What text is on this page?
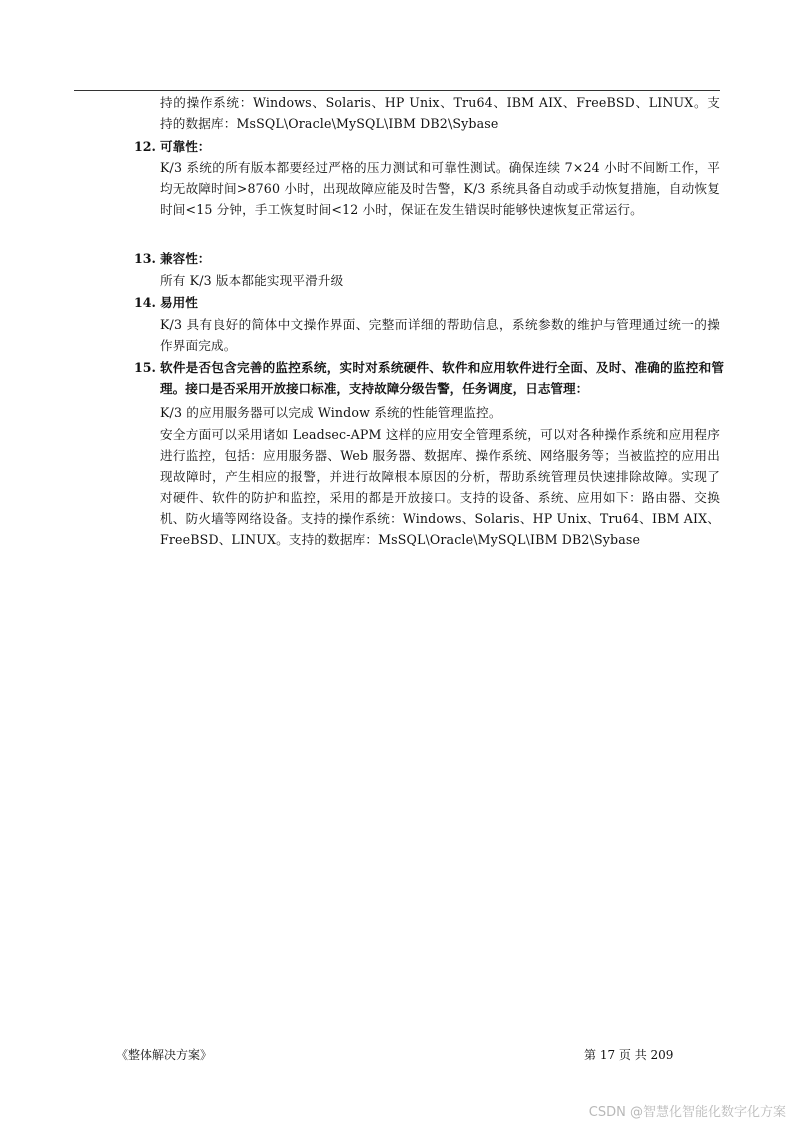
持的操作系统：Windows、Solaris、HP Unix、Tru64、IBM AIX、FreeBSD、LINUX。支持的数据库：MsSQL\Oracle\MySQL\IBM DB2\Sybase
12. 可靠性：
K/3 系统的所有版本都要经过严格的压力测试和可靠性测试。确保连续 7×24 小时不间断工作，平均无故障时间>8760 小时，出现故障应能及时告警，K/3 系统具备自动或手动恢复措施，自动恢复时间<15 分钟，手工恢复时间<12 小时，保证在发生错误时能够快速恢复正常运行。
13. 兼容性：
所有 K/3 版本都能实现平滑升级
14. 易用性
K/3 具有良好的简体中文操作界面、完整而详细的帮助信息，系统参数的维护与管理通过统一的操作界面完成。
15. 软件是否包含完善的监控系统，实时对系统硬件、软件和应用软件进行全面、及时、准确的监控和管理。接口是否采用开放接口标准，支持故障分级告警，任务调度，日志管理：
K/3 的应用服务器可以完成 Window 系统的性能管理监控。
安全方面可以采用诸如 Leadsec-APM 这样的应用安全管理系统，可以对各种操作系统和应用程序进行监控，包括：应用服务器、Web 服务器、数据库、操作系统、网络服务等；当被监控的应用出现故障时，产生相应的报警，并进行故障根本原因的分析，帮助系统管理员快速排除故障。实现了对硬件、软件的防护和监控，采用的都是开放接口。支持的设备、系统、应用如下：路由器、交换机、防火墙等网络设备。支持的操作系统：Windows、Solaris、HP Unix、Tru64、IBM AIX、FreeBSD、LINUX。支持的数据库：MsSQL\Oracle\MySQL\IBM DB2\Sybase
《整体解决方案》	第 17 页 共 209
CSDN @智慧化智能化数字化方案
